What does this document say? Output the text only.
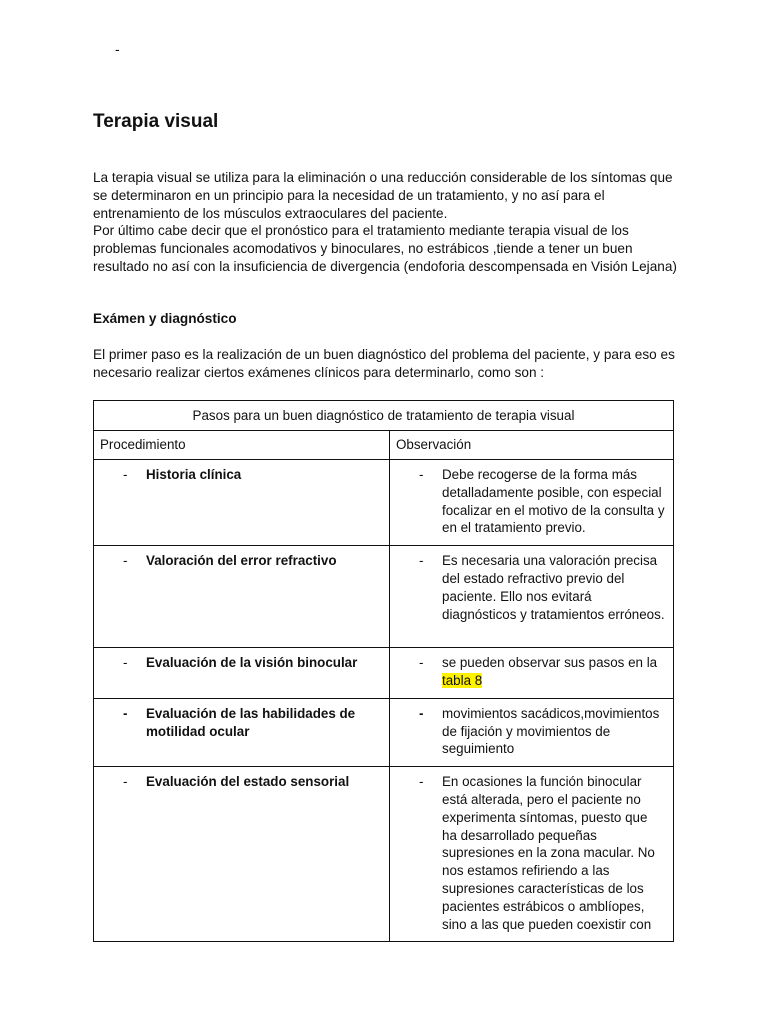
-
Terapia visual

La terapia visual se utiliza para la eliminación o una reducción considerable de los síntomas que se determinaron en un principio para la necesidad de un tratamiento, y no así para el entrenamiento de los músculos extraoculares del paciente.

Por último cabe decir que el pronóstico para el tratamiento mediante terapia visual de los problemas funcionales acomodativos y binoculares, no estrábicos ,tiende a tener un buen resultado no así con la insuficiencia de divergencia (endoforia descompensada en Visión Lejana)

Exámen y diagnóstico

El primer paso es la realización de un buen diagnóstico del problema del paciente, y para eso es necesario realizar ciertos exámenes clínicos para determinarlo, como son :

Pasos para un buen diagnóstico de tratamiento de terapia visual	
Procedimiento	Observación

- Historia clínica	- Debe recogerse de la forma más detalladamente posible, con especial focalizar en el motivo de la consulta y en el tratamiento previo.

- Valoración del error refractivo	- Es necesaria una valoración precisa del estado refractivo previo del paciente. Ello nos evitará diagnósticos y tratamientos erróneos.

- Evaluación de la visión binocular	- se pueden observar sus pasos en la tabla 8

- Evaluación de las habilidades de motilidad ocular	- movimientos sacádicos,movimientos de fijación y movimientos de seguimiento

- Evaluación del estado sensorial	- En ocasiones la función binocular está alterada, pero el paciente no experimenta síntomas, puesto que ha desarrollado pequeñas supresiones en la zona macular. No nos estamos refiriendo a las supresiones características de los pacientes estrábicos o amblíopes, sino a las que pueden coexistir con
